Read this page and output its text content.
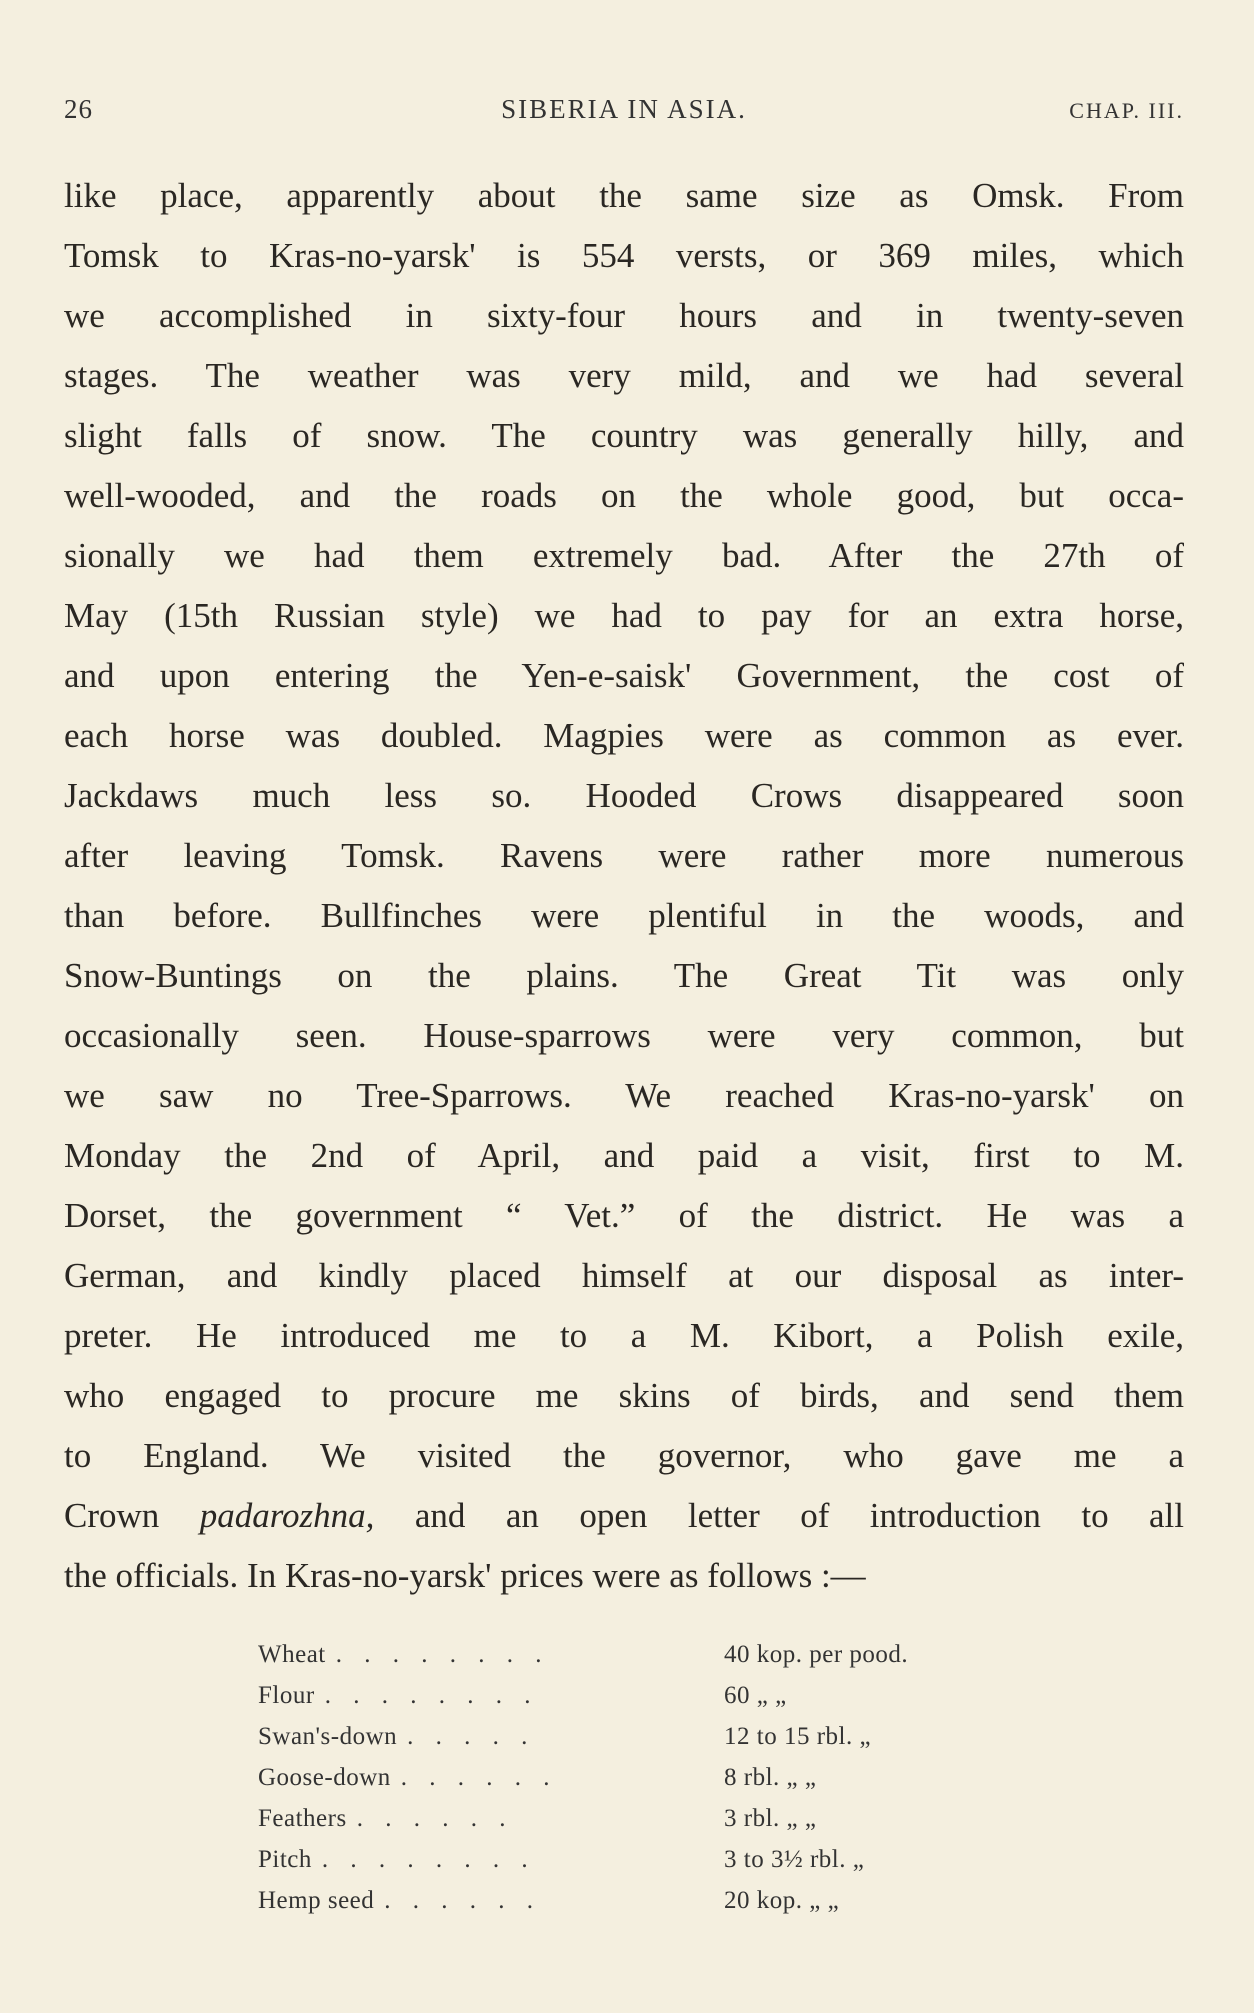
26	SIBERIA IN ASIA.	CHAP. III.
like place, apparently about the same size as Omsk. From
Tomsk to Kras-no-yarsk' is 554 versts, or 369 miles, which
we accomplished in sixty-four hours and in twenty-seven
stages. The weather was very mild, and we had several
slight falls of snow. The country was generally hilly, and
well-wooded, and the roads on the whole good, but occa-
sionally we had them extremely bad. After the 27th of
May (15th Russian style) we had to pay for an extra horse,
and upon entering the Yen-e-saisk' Government, the cost of
each horse was doubled. Magpies were as common as ever.
Jackdaws much less so. Hooded Crows disappeared soon
after leaving Tomsk. Ravens were rather more numerous
than before. Bullfinches were plentiful in the woods, and
Snow-Buntings on the plains. The Great Tit was only
occasionally seen. House-sparrows were very common, but
we saw no Tree-Sparrows. We reached Kras-no-yarsk' on
Monday the 2nd of April, and paid a visit, first to M.
Dorset, the government “ Vet.” of the district. He was a
German, and kindly placed himself at our disposal as inter-
preter. He introduced me to a M. Kibort, a Polish exile,
who engaged to procure me skins of birds, and send them
to England. We visited the governor, who gave me a
Crown padarozhna, and an open letter of introduction to all
the officials. In Kras-no-yarsk' prices were as follows :—
Wheat . . . . . . . .	40 kop. per pood.
Flour . . . . . . . .	60 „ „
Swan's-down . . . . .	12 to 15 rbl. „
Goose-down . . . . . .	8 rbl. „ „
Feathers . . . . . .	3 rbl. „ „
Pitch . . . . . . . .	3 to 3½ rbl. „
Hemp seed . . . . . .	20 kop. „ „
